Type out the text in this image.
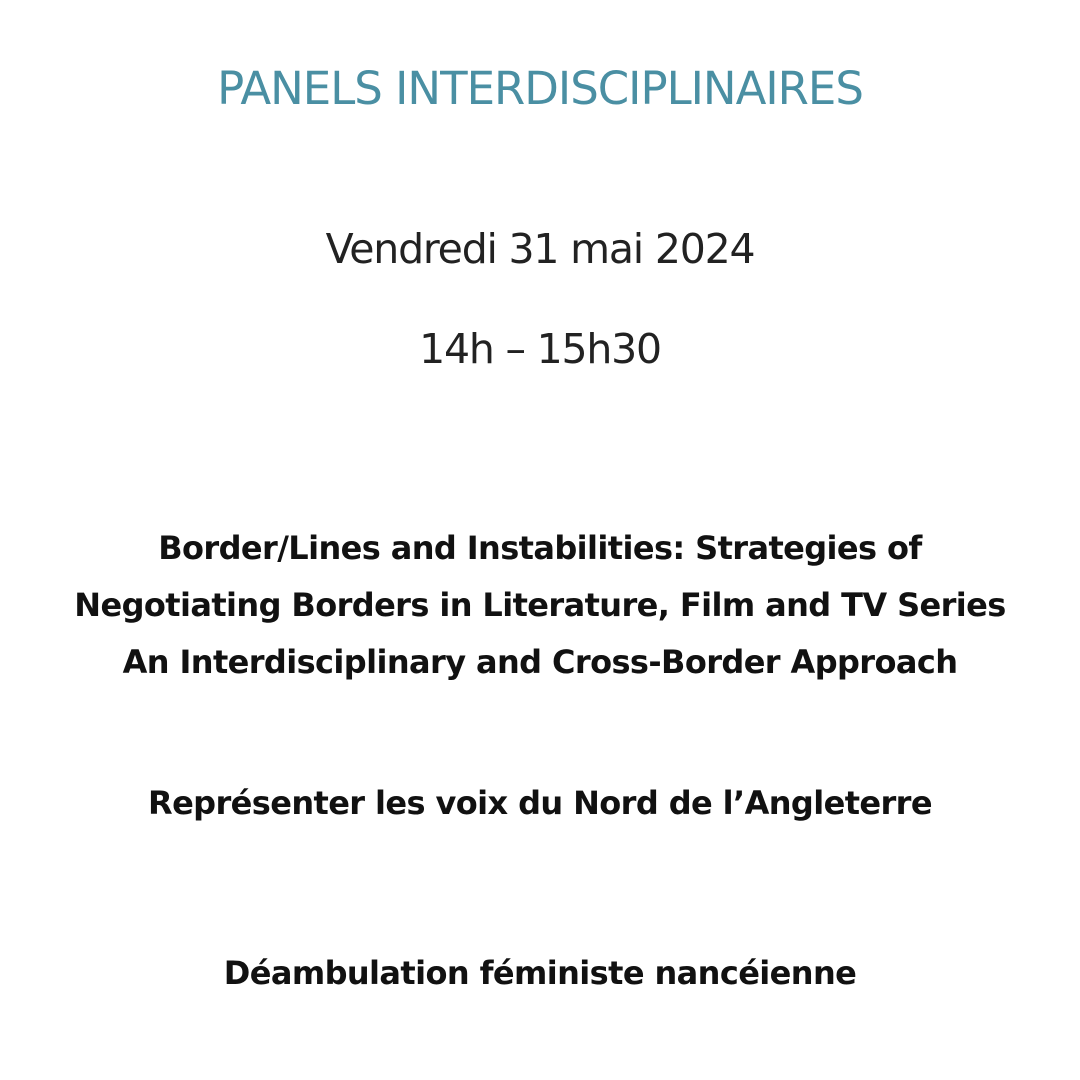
PANELS INTERDISCIPLINAIRES
Vendredi 31 mai 2024
14h – 15h30
Border/Lines and Instabilities: Strategies of
Negotiating Borders in Literature, Film and TV Series
An Interdisciplinary and Cross-Border Approach
Représenter les voix du Nord de l’Angleterre
Déambulation féministe nancéienne
